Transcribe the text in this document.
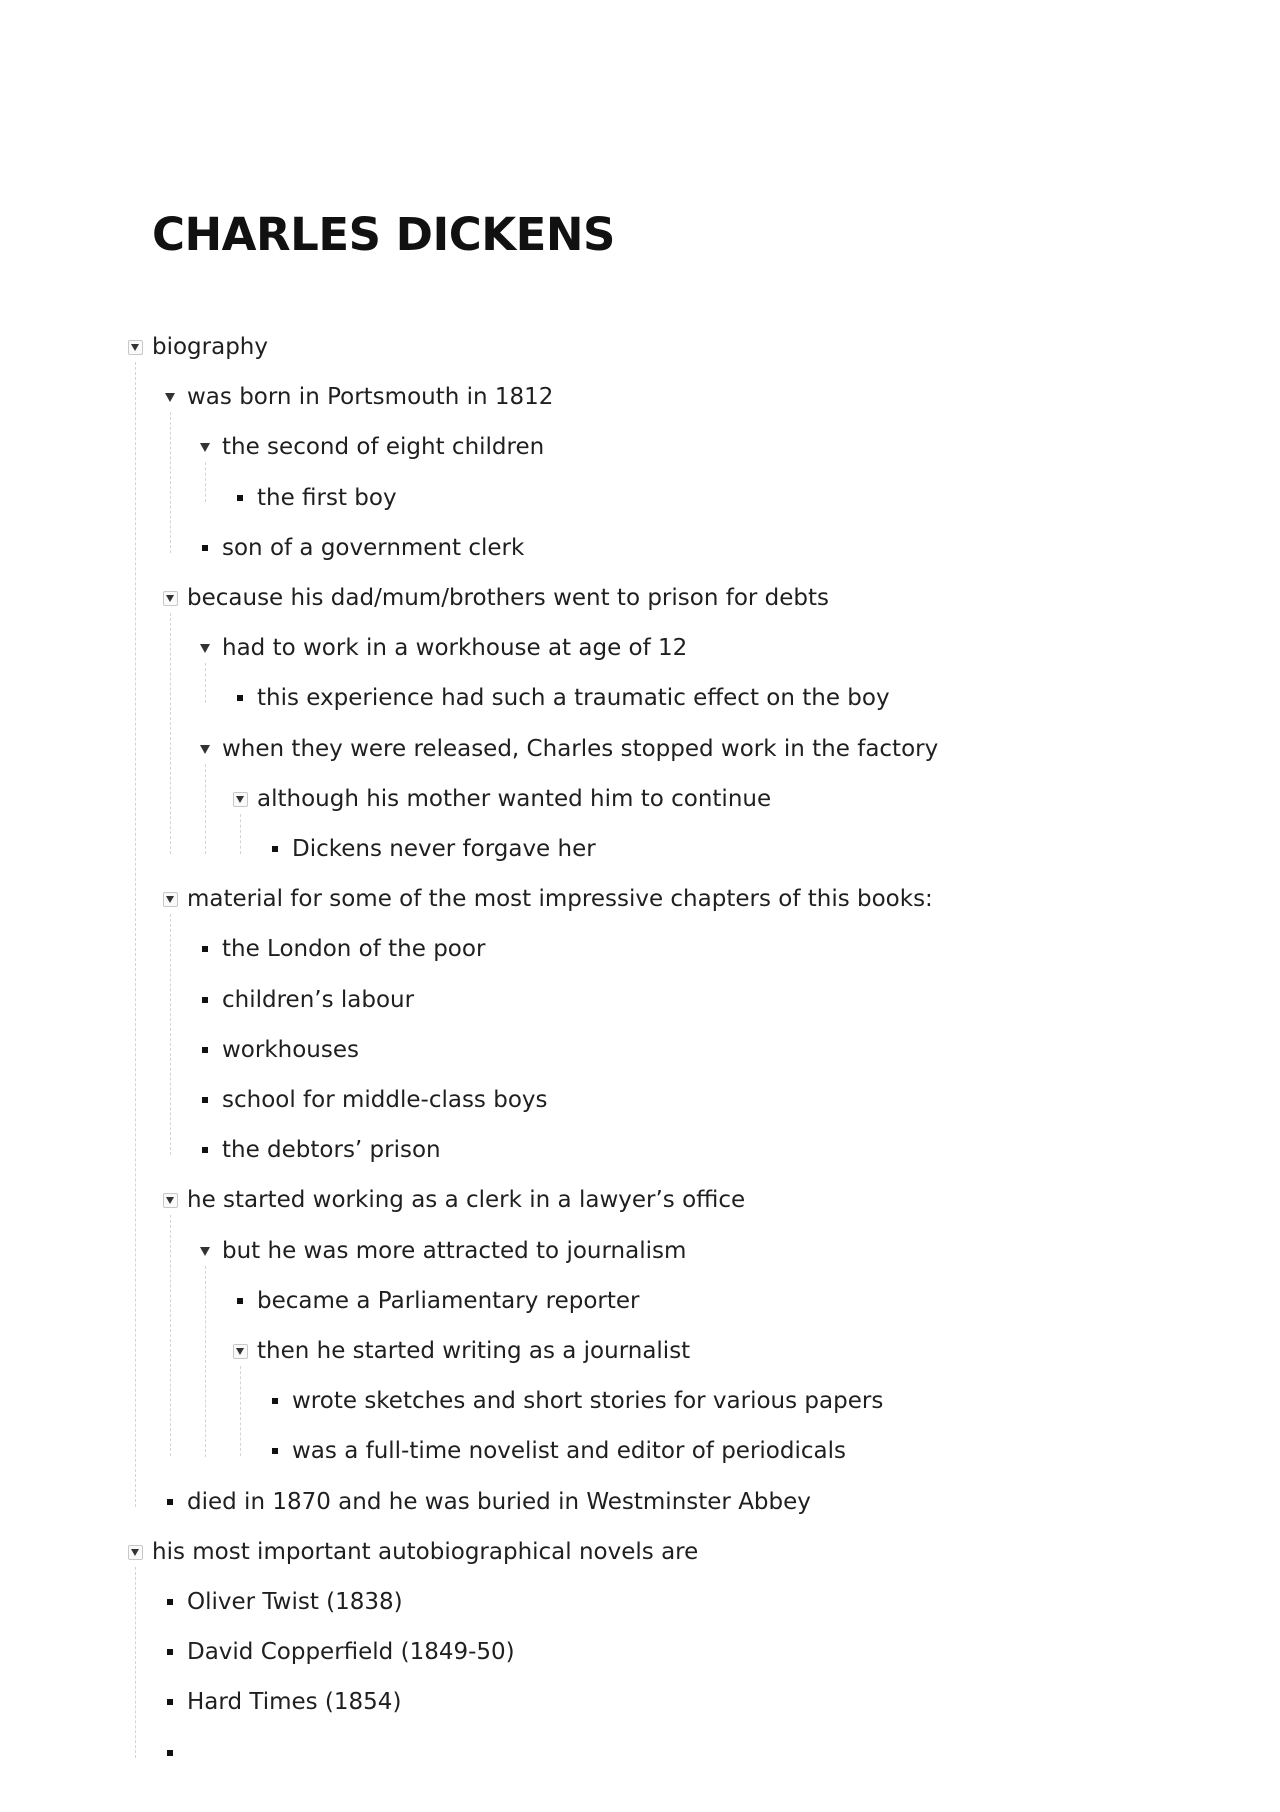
CHARLES DICKENS
biography
was born in Portsmouth in 1812
the second of eight children
the first boy
son of a government clerk
because his dad/mum/brothers went to prison for debts
had to work in a workhouse at age of 12
this experience had such a traumatic effect on the boy
when they were released, Charles stopped work in the factory
although his mother wanted him to continue
Dickens never forgave her
material for some of the most impressive chapters of this books:
the London of the poor
children’s labour
workhouses
school for middle-class boys
the debtors’ prison
he started working as a clerk in a lawyer’s office
but he was more attracted to journalism
became a Parliamentary reporter
then he started writing as a journalist
wrote sketches and short stories for various papers
was a full-time novelist and editor of periodicals
died in 1870 and he was buried in Westminster Abbey
his most important autobiographical novels are
Oliver Twist (1838)
David Copperfield (1849-50)
Hard Times (1854)
